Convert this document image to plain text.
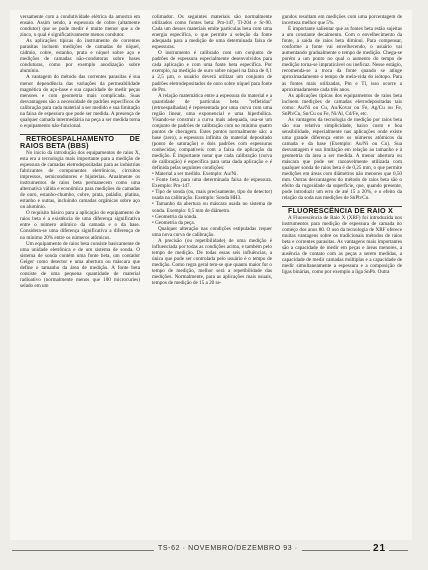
versamente com a condutividade elétrica da amostra em ensaio. Assim sendo, a espessura de cobre (altamente condutor) que se pode medir é muito menor que a de zinco, o qual é significativamente menos condutor.

As aplicações típicas do instrumento de correntes parasitas incluem medições de camadas de níquel, cádmio, cobre, estanho, prata e níquel sobre aço e medições de camadas não-condutoras sobre bases condutoras, como por exemplo anodização sobre alumínio.

A vantagem do método das correntes parasitas é sua menor dependência das variações da permeabilidade magnética do aço-base e sua capacidade de medir peças menores e com geometria mais complicada. Suas desvantagens são a necessidade de padrões específicos de calibração para cada material a ser medido e sua limitação na faixa de espessura que pode ser medida. A presença de qualquer camada intermediária na peça a ser medida torna o equipamento não-funcional.

RETROESPALHAMENTO DE RAIOS BETA (BBS)

No início da introdução dos equipamentos de raios X, esta era a tecnologia mais importante para a medição de espessura de camadas eletrodepositadas para as indústrias fabricantes de componentes eletrônicos, circuitos impressos, semicondutores e bijuterias. Atualmente os instrumentos de raios beta permanecem como uma alternativa válida e econômica para medições de camadas de ouro, estanho-chumbo, cobre, prata, paládio, platina, estanho e outras, incluindo camadas orgânicas sobre aço ou alumínio.

O requisito básico para a aplicação do equipamento de raios beta é a existência de uma diferença significativa entre o número atômico da camada e o da base. Considera-se uma diferença significativa a diferença de no mínimo 20% entre os números atômicos.

Um equipamento de raios beta consiste basicamente de uma unidade eletrônica e de um sistema de sonda. O sistema de sonda contém uma fonte beta, um contador Geiger como detector e uma abertura ou máscara que define o tamanho da área de medição. A fonte beta consiste de uma pequena quantidade de material radioativo (normalmente menos que 100 microcuries) selado em um

colimador. Os seguintes materiais são normalmente utilizados como fontes beta: Pm-147, Tl-204 e Sr-90. Cada um desses materiais emite partículas beta com uma energia específica, o que permite a seleção da fonte adequada para a medição de uma determinada faixa de espessuras.

O instrumento é calibrado com um conjunto de padrões de espessura especialmente desenvolvidos para cada aplicação e com uma fonte beta específica. Por exemplo, na medição de ouro sobre níquel na faixa de 0,1 a 2,5 µm, o usuário deverá utilizar um conjunto de padrões eletrodepositados de ouro sobre níquel para fonte de Pm.

A relação matemática entre a espessura do material e a quantidade de partículas beta "refletidas" (retroespalhadas) é representada por uma curva com uma região linear, uma exponencial e uma hiperbólica. Visando-se construir a curva mais adequada, usa-se um conjunto de padrões de calibração com no mínimo quatro pontos de checagem. Estes pontos normalmente são: a base (zero), a espessura infinita do material depositado (ponto de saturação) e dois padrões com espessuras conhecidas, compatíveis com a faixa de aplicação da medição. É importante notar que cada calibração (curva de calibração) é específica para uma dada aplicação e é definida pelas seguintes condições:

• Material a ser medido. Exemplo: Au/Ni.

• Fonte beta para uma determinada faixa de espessura. Exemplo: Pm-147.

• Tipo de sonda (ou, mais precisamente, tipo do detector) usada na calibração. Exemplo: Sonda HH3.

• Tamanho da abertura ou máscara usada no sistema de sonda. Exemplo: 0,5 mm de diâmetro.

• Geometria da sonda.

• Geometria da peça.

Qualquer alteração nas condições estipuladas requer uma nova curva de calibração.

A precisão (ou repetibilidade) de uma medição é influenciada por todas as condições acima, e também pelo tempo de medição. De todas essas seis influências, a única que pode ser controlada pelo usuário é o tempo de medição. Como regra geral tem-se que quanto maior for o tempo de medição, melhor será a repetibilidade das medições. Normalmente, para as aplicações mais usuais, tempos de medição de 15 a 20 se-

gundos resultam em medições com uma porcentagem de incerteza melhor que 5%.

É importante salientar que as fontes beta estão sujeitas a um constante decaimento. Com o envelhecimento da fonte, a saída de raios beta diminui. Para compensar, conforme a fonte vai envelhecendo, o usuário vai aumentando gradualmente o tempo de medição. Chega-se porém a um ponto no qual o aumento do tempo de medição torna-se impraticável ou ineficaz. Nesse estágio, recomenda-se a troca da fonte quando se atinge aproximadamente o tempo de meia-vida do isótopo. Para as fontes mais utilizadas, Pm e Tl, isso ocorre a aproximadamente cada três anos.

As aplicações típicas dos equipamentos de raios beta incluem medições de camadas eletrodepositadas tais como: Au/Ni ou Cu, Au/Kovar ou Fe, Ag/Cu ou Fe, SnPb/Cu, Sn/Cu ou Fe, Ni/Al, Cd/Fe, etc.

As vantagens da tecnologia de medição por raios beta são sua relativa simplicidade, baixo custo e boa sensibilidade, especialmente nas aplicações onde existe uma grande diferença entre os números atômicos da camada e da base (Exemplo: Au/Ni ou Cu). Sua desvantagem é sua limitação em relação ao tamanho e à geometria da área a ser medida. A menor abertura ou máscara que pode ser razoavelmente utilizada com qualquer sonda de raios beta é de 0,25 mm, o que permite medições em áreas com diâmetros não menores que 0,50 mm. Outras desvantagens do método de raios beta são o efeito da rugosidade da superfície, que, quando presente, pode introduzir um erro de até 15 a 20%, e o efeito da relação da soda nas medições de SnPb/Cu.

FLUORESCÊNCIA DE RAIO X

A Fluorescência de Raio X (XRF) foi introduzida nos instrumentos para medição de espessura de camada no começo dos anos 80. O uso da tecnologia de XRF oferece muitas vantagens sobre os tradicionais métodos de raios beta e correntes parasitas. As vantagens mais importantes são a capacidade de medir em peças e áreas menores, a ausência de contato com as peças a serem medidas, a capacidade de medir camadas múltiplas e a capacidade de medir simultaneamente a espessura e a composição de ligas binárias, como por exemplo a liga SnPb. Outra

TS-62 · NOVEMBRO/DEZEMBRO 93 ·	21
